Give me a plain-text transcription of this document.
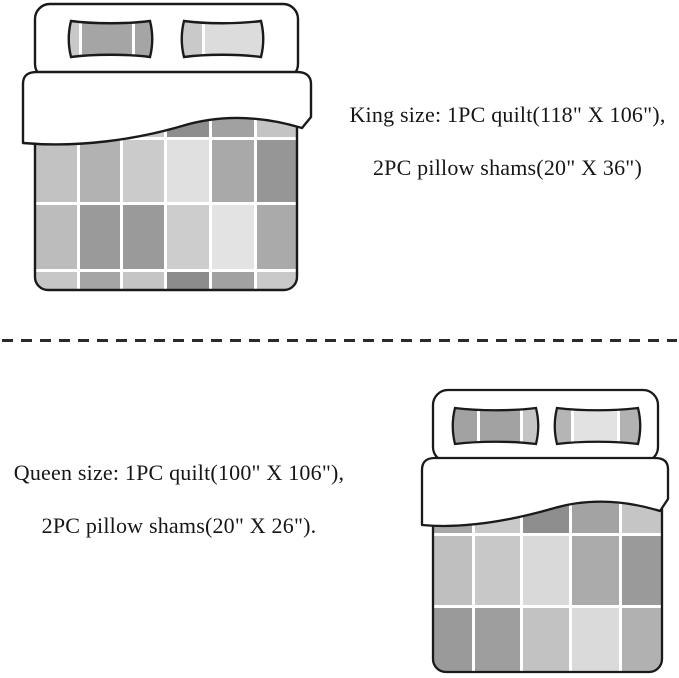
King size: 1PC quilt(118" X 106"),
2PC pillow shams(20" X 36")
Queen size: 1PC quilt(100" X 106"),
2PC pillow shams(20" X 26").
